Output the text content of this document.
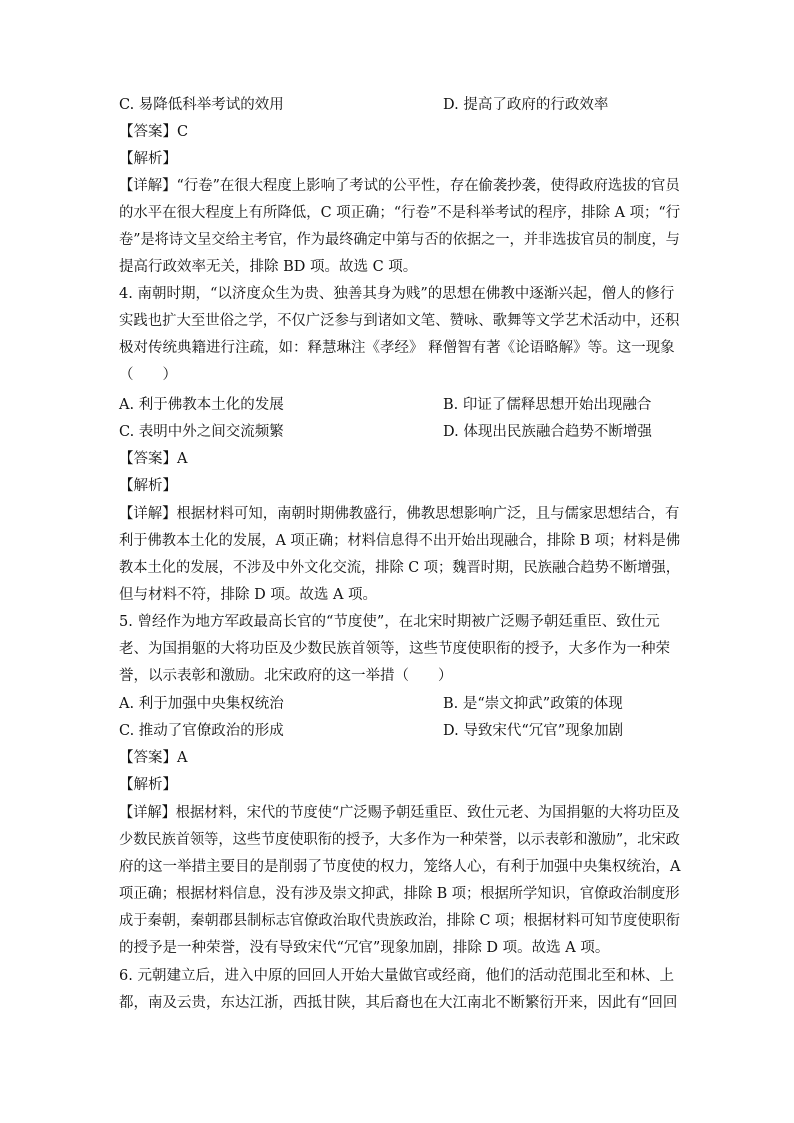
C. 易降低科举考试的效用	D. 提高了政府的行政效率
【答案】C
【解析】
【详解】“行卷”在很大程度上影响了考试的公平性，存在偷袭抄袭，使得政府选拔的官员
的水平在很大程度上有所降低，C 项正确；“行卷”不是科举考试的程序，排除 A 项；“行
卷”是将诗文呈交给主考官，作为最终确定中第与否的依据之一，并非选拔官员的制度，与
提高行政效率无关，排除 BD 项。故选 C 项。
4. 南朝时期，“以济度众生为贵、独善其身为贱”的思想在佛教中逐渐兴起，僧人的修行
实践也扩大至世俗之学，不仅广泛参与到诸如文笔、赞咏、歌舞等文学艺术活动中，还积
极对传统典籍进行注疏，如：释慧琳注《孝经》 释僧智有著《论语略解》等。这一现象
（　　）
A. 利于佛教本土化的发展	B. 印证了儒释思想开始出现融合
C. 表明中外之间交流频繁	D. 体现出民族融合趋势不断增强
【答案】A
【解析】
【详解】根据材料可知，南朝时期佛教盛行，佛教思想影响广泛，且与儒家思想结合，有
利于佛教本土化的发展，A 项正确；材料信息得不出开始出现融合，排除 B 项；材料是佛
教本土化的发展，不涉及中外文化交流，排除 C 项；魏晋时期，民族融合趋势不断增强，
但与材料不符，排除 D 项。故选 A 项。
5. 曾经作为地方军政最高长官的“节度使”，在北宋时期被广泛赐予朝廷重臣、致仕元
老、为国捐躯的大将功臣及少数民族首领等，这些节度使职衔的授予，大多作为一种荣
誉，以示表彰和激励。北宋政府的这一举措（　　）
A. 利于加强中央集权统治	B. 是“崇文抑武”政策的体现
C. 推动了官僚政治的形成	D. 导致宋代“冗官”现象加剧
【答案】A
【解析】
【详解】根据材料，宋代的节度使“广泛赐予朝廷重臣、致仕元老、为国捐躯的大将功臣及
少数民族首领等，这些节度使职衔的授予，大多作为一种荣誉，以示表彰和激励”，北宋政
府的这一举措主要目的是削弱了节度使的权力，笼络人心，有利于加强中央集权统治，A
项正确；根据材料信息，没有涉及崇文抑武，排除 B 项；根据所学知识，官僚政治制度形
成于秦朝，秦朝郡县制标志官僚政治取代贵族政治，排除 C 项；根据材料可知节度使职衔
的授予是一种荣誉，没有导致宋代“冗官”现象加剧，排除 D 项。故选 A 项。
6. 元朝建立后，进入中原的回回人开始大量做官或经商，他们的活动范围北至和林、上
都，南及云贵，东达江浙，西抵甘陕，其后裔也在大江南北不断繁衍开来，因此有“回回
